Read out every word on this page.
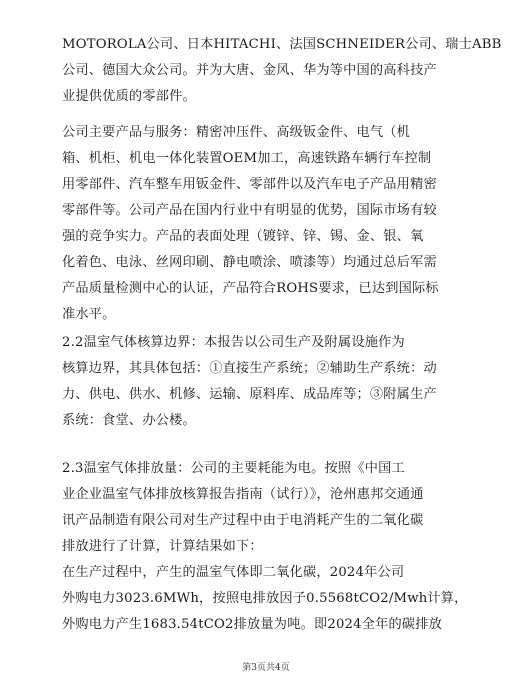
MOTOROLA公司、日本HITACHI、法国SCHNEIDER公司、瑞士ABB
公司、德国大众公司。并为大唐、金风、华为等中国的高科技产
业提供优质的零部件。
公司主要产品与服务：精密冲压件、高级钣金件、电气（机
箱、机柜、机电一体化装置OEM加工，高速铁路车辆行车控制
用零部件、汽车整车用钣金件、零部件以及汽车电子产品用精密
零部件等。公司产品在国内行业中有明显的优势，国际市场有较
强的竞争实力。产品的表面处理（镀锌、锌、锡、金、银、氧
化着色、电泳、丝网印刷、静电喷涂、喷漆等）均通过总后军需
产品质量检测中心的认证，产品符合ROHS要求，已达到国际标
准水平。
2.2温室气体核算边界：本报告以公司生产及附属设施作为
核算边界，其具体包括：①直接生产系统；②辅助生产系统：动
力、供电、供水、机修、运输、原料库、成品库等；③附属生产
系统：食堂、办公楼。
2.3温室气体排放量：公司的主要耗能为电。按照《中国工
业企业温室气体排放核算报告指南（试行）》，沧州惠邦交通通
讯产品制造有限公司对生产过程中由于电消耗产生的二氧化碳
排放进行了计算，计算结果如下：
在生产过程中，产生的温室气体即二氧化碳，2024年公司
外购电力3023.6MWh，按照电排放因子0.5568tCO2/Mwh计算，
外购电力产生1683.54tCO2排放量为吨。即2024全年的碳排放
第3页共4页
